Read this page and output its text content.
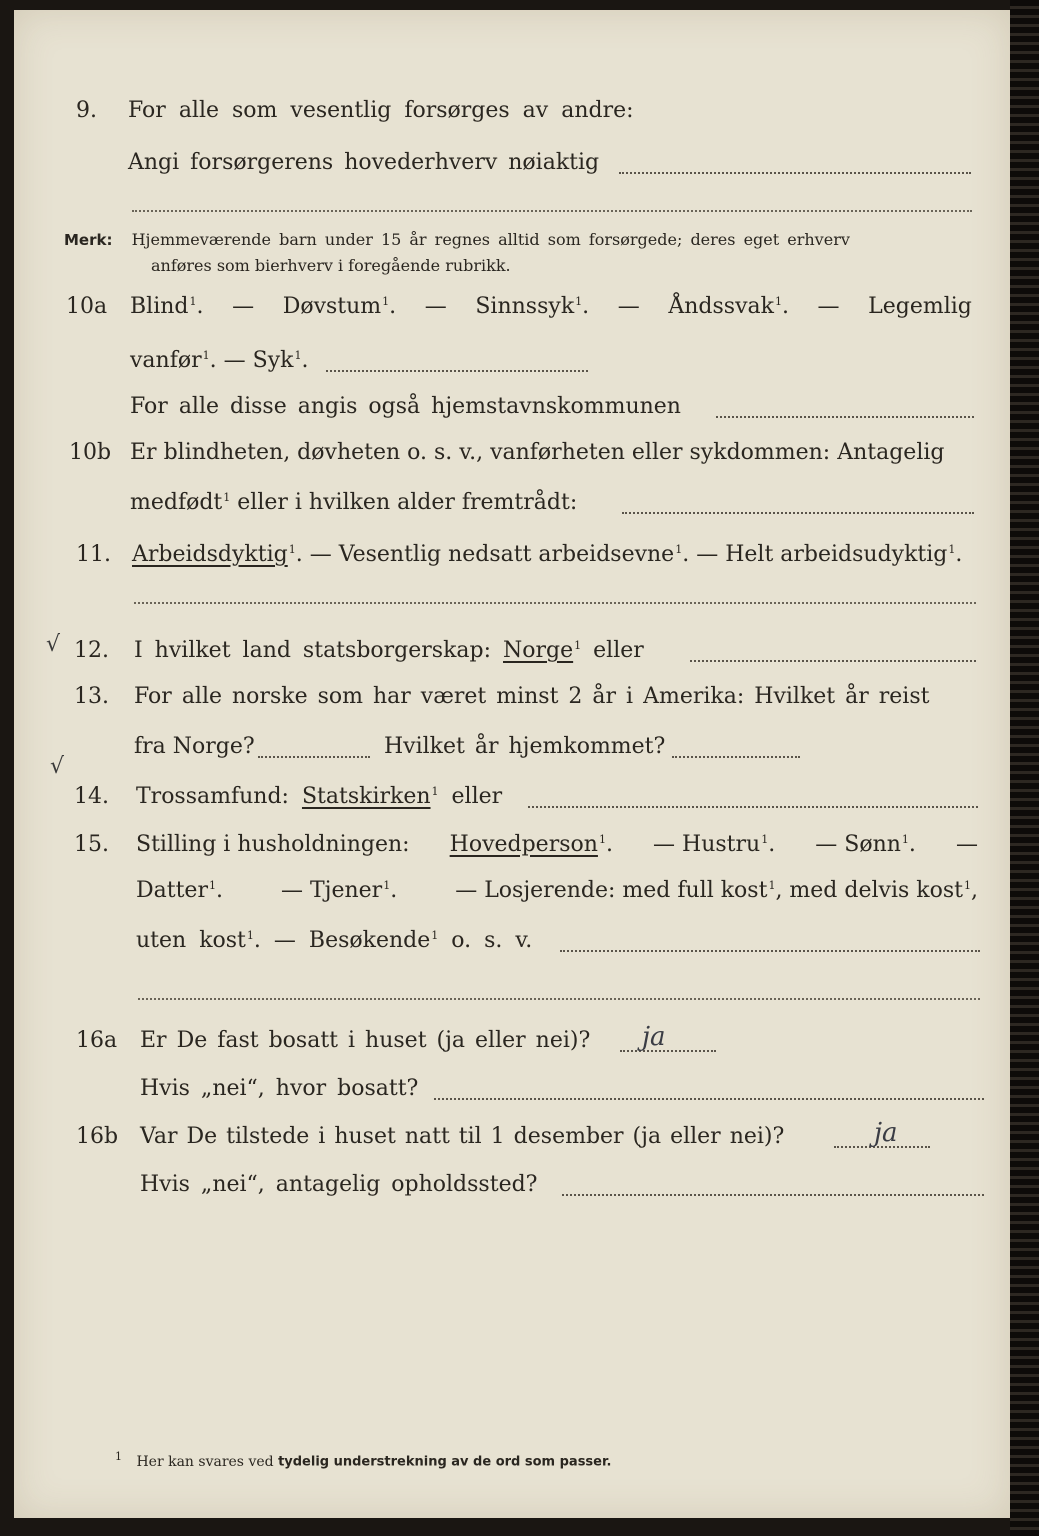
9.	For alle som vesentlig forsørges av andre:
Angi forsørgerens hovederhverv nøiaktig
Merk: Hjemmeværende barn under 15 år regnes alltid som forsørgede; deres eget erhverv
anføres som bierhverv i foregående rubrikk.
10a	Blind$^1$. — Døvstum$^1$. — Sinnssyk$^1$. — Åndssvak$^1$. — Legemlig
vanfør$^1$. — Syk$^1$.
For alle disse angis også hjemstavnskommunen
10b Er blindheten, døvheten o. s. v., vanførheten eller sykdommen: Antagelig
medfødt$^1$ eller i hvilken alder fremtrådt:
11. Arbeidsdyktig$^1$. — Vesentlig nedsatt arbeidsevne$^1$. — Helt arbeidsudyktig$^1$.
√ 12.	I hvilket land statsborgerskap: Norge$^1$ eller
13.	For alle norske som har været minst 2 år i Amerika: Hvilket år reist
fra Norge?	Hvilket år hjemkommet?
√
14.	Trossamfund: Statskirken$^1$ eller
15.	Stilling i husholdningen: Hovedperson$^1$. — Hustru$^1$. — Sønn$^1$. —
Datter$^1$.	— Tjener$^1$.	— Losjerende: med full kost$^1$, med delvis kost$^1$,
uten kost$^1$. — Besøkende$^1$ o. s. v.
16a	Er De fast bosatt i huset (ja eller nei)? ja
Hvis „nei“, hvor bosatt?
16b Var De tilstede i huset natt til 1 desember (ja eller nei)?	ja
Hvis „nei“, antagelig opholdssted?
$^1$ Her kan svares ved tydelig understrekning av de ord som passer.
